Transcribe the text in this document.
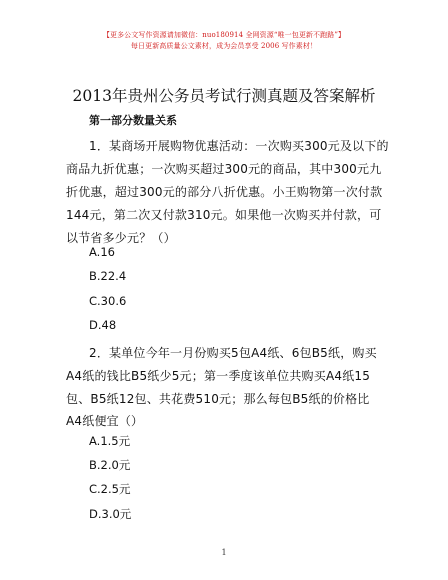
【更多公文写作资源请加微信：nuo180914 全网资源“唯一包更新不跑路”】
每日更新高质量公文素材，成为会员享受 2006 写作素材！
2013年贵州公务员考试行测真题及答案解析
第一部分数量关系
1．某商场开展购物优惠活动：一次购买300元及以下的
商品九折优惠；一次购买超过300元的商品，其中300元九
折优惠，超过300元的部分八折优惠。小王购物第一次付款
144元，第二次又付款310元。如果他一次购买并付款，可
以节省多少元？（）
A.16
B.22.4
C.30.6
D.48
2．某单位今年一月份购买5包A4纸、6包B5纸，购买
A4纸的钱比B5纸少5元；第一季度该单位共购买A4纸15
包、B5纸12包、共花费510元；那么每包B5纸的价格比
A4纸便宜（）
A.1.5元
B.2.0元
C.2.5元
D.3.0元
1
